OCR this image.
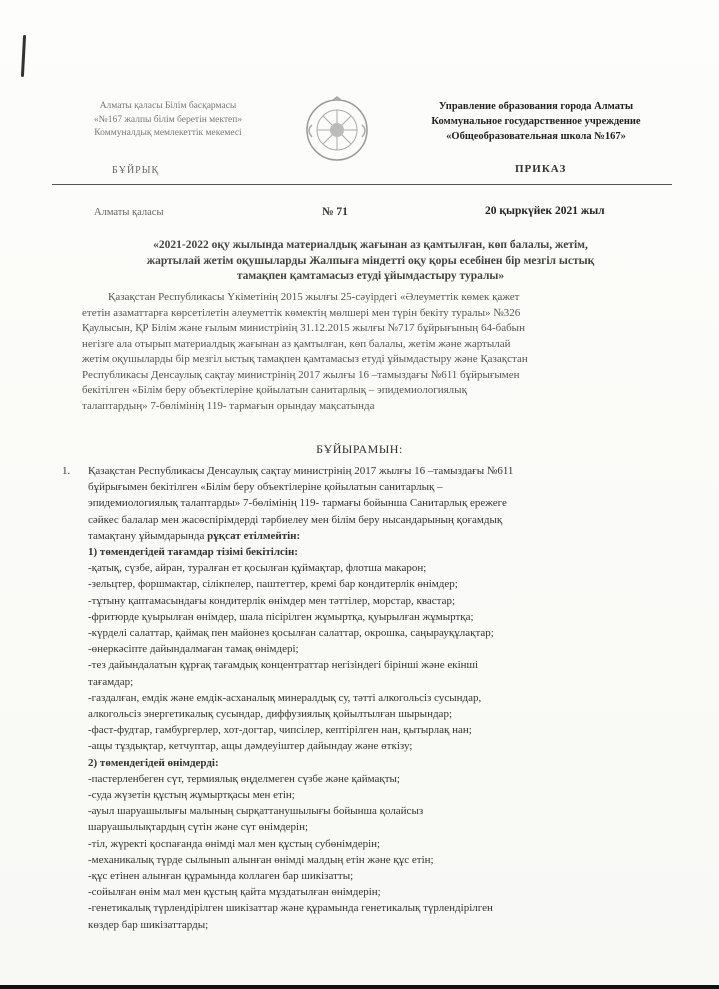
Алматы қаласы Білім басқармасы
«№167 жалпы білім беретін мектеп»
Коммуналдық мемлекеттік мекемесі
Управление образования города Алматы
Коммунальное государственное учреждение
«Общеобразовательная школа №167»
БҰЙРЫҚ	ПРИКАЗ
Алматы қаласы	№ 71	20 қыркүйек 2021 жыл
«2021-2022 оқу жылында материалдық жағынан аз қамтылған, көп балалы, жетім,
жартылай жетім оқушыларды Жалпыға міндетті оқу қоры есебінен бір мезгіл ыстық
тамақпен қамтамасыз етуді ұйымдастыру туралы»

Қазақстан Республикасы Үкіметінің 2015 жылғы 25-сәуірдегі «Әлеуметтік көмек қажет

ететін азаматтарға көрсетілетін әлеуметтік көмектің мөлшері мен түрін бекіту туралы» №326

Қаулысын, ҚР Білім және ғылым министрінің 31.12.2015 жылғы №717 бұйрығының 64-бабын

негізге ала отырып материалдық жағынан аз қамтылған, көп балалы, жетім және жартылай

жетім оқушыларды бір мезгіл ыстық тамақпен қамтамасыз етуді ұйымдастыру және Қазақстан

Республикасы Денсаулық сақтау министрінің 2017 жылғы 16 –тамыздағы №611 бұйрығымен

бекітілген «Білім беру объектілеріне қойылатын санитарлық – эпидемиологиялық

талаптардың» 7-бөлімінің 119- тармағын орындау мақсатында

БҰЙЫРАМЫН:

1. Қазақстан Республикасы Денсаулық сақтау министрінің 2017 жылғы 16 –тамыздағы №611

бұйрығымен бекітілген «Білім беру объектілеріне қойылатын санитарлық –

эпидемиологиялық талаптарды» 7-бөлімінің 119- тармағы бойынша Санитарлық ережеге

сәйкес балалар мен жасөспірімдерді тәрбиелеу мен білім беру нысандарының қоғамдық

тамақтану ұйымдарында рұқсат етілмейтін:

1) төмендегідей тағамдар тізімі бекітілсін:

-қатық, сүзбе, айран, туралған ет қосылған құймақтар, флотша макарон;

-зельцтер, форшмактар, сілікпелер, паштеттер, кремі бар кондитерлік өнімдер;

-тұтыну қаптамасындағы кондитерлік өнімдер мен тәттілер, морстар, квастар;

-фритюрде қуырылған өнімдер, шала пісірілген жұмыртқа, қуырылған жұмыртқа;

-күрделі салаттар, қаймақ пен майонез қосылған салаттар, окрошка, саңырауқұлақтар;

-өнеркәсіпте дайындалмаған тамақ өнімдері;

-тез дайындалатын құрғақ тағамдық концентраттар негізіндегі бірінші және екінші

тағамдар;

-газдалған, емдік және емдік-асханалық минералдық су, тәтті алкогольсіз сусындар,

алкогольсіз энергетикалық сусындар, диффузиялық қойылтылған шырындар;

-фаст-фудтар, гамбургерлер, хот-догтар, чипсілер, кептірілген нан, қытырлақ нан;

-ащы тұздықтар, кетчуптар, ащы дәмдеуіштер дайындау және өткізу;

2) төмендегідей өнімдерді:

-пастерленбеген сүт, термиялық өңделмеген сүзбе және қаймақты;

-суда жүзетін құстың жұмыртқасы мен етін;

-ауыл шаруашылығы малының сырқаттанушылығы бойынша қолайсыз

шаруашылықтардың сүтін және сүт өнімдерін;

-тіл, жүректі қоспағанда өнімді мал мен құстың субөнімдерін;

-механикалық түрде сылынып алынған өнімді малдың етін және құс етін;

-құс етінен алынған құрамында коллаген бар шикізатты;

-сойылған өнім мал мен құстың қайта мұздатылған өнімдерін;

-генетикалық түрлендірілген шикізаттар және құрамында генетикалық түрлендірілген

көздер бар шикізаттарды;
